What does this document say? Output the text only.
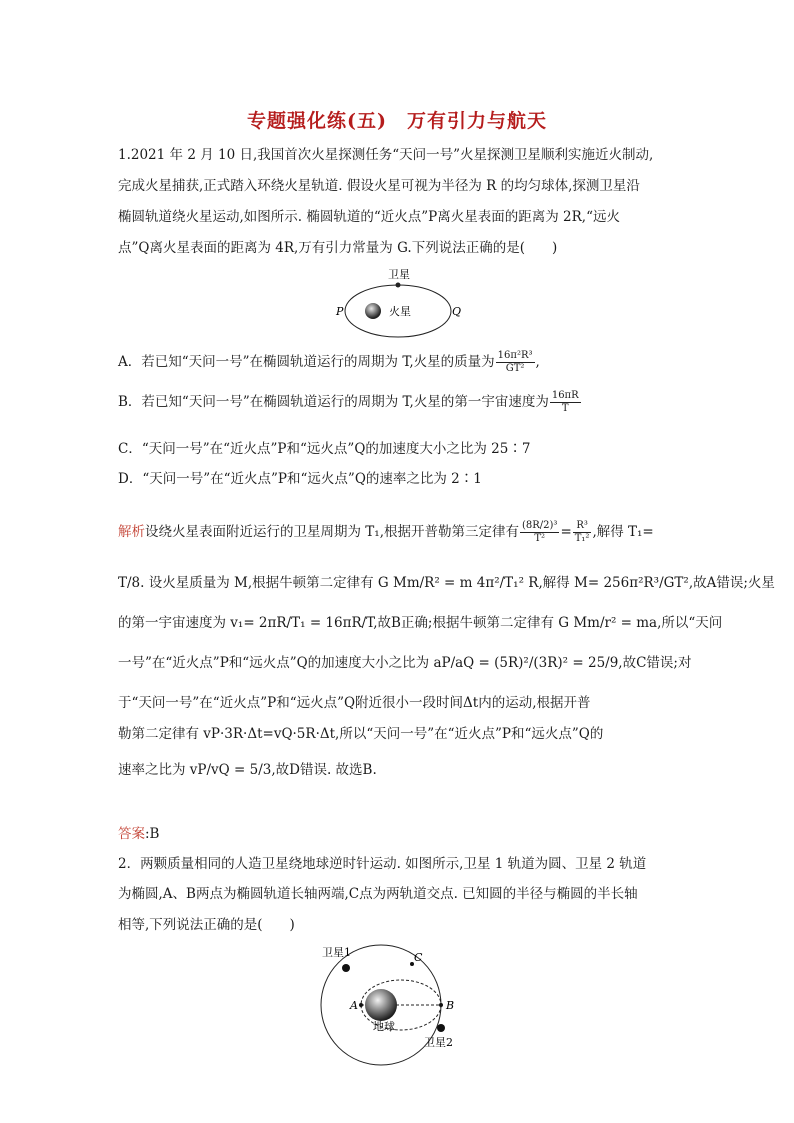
专题强化练(五)　万有引力与航天
1.2021 年 2 月 10 日,我国首次火星探测任务“天问一号”火星探测卫星顺利实施近火制动,
完成火星捕获,正式踏入环绕火星轨道. 假设火星可视为半径为 R 的均匀球体,探测卫星沿
椭圆轨道绕火星运动,如图所示. 椭圆轨道的“近火点”P离火星表面的距离为 2R,“远火
点”Q离火星表面的距离为 4R,万有引力常量为 G.下列说法正确的是(　　)
卫星
火星
P	Q
A．若已知“天问一号”在椭圆轨道运行的周期为 T,火星的质量为 $\frac{\text{16π²R³}}{\text{GT²}}$ ,
B．若已知“天问一号”在椭圆轨道运行的周期为 T,火星的第一宇宙速度为 $\frac{16\pi R}{T}$
C．“天问一号”在“近火点”P和“远火点”Q的加速度大小之比为 25∶7
D．“天问一号”在“近火点”P和“远火点”Q的速率之比为 2∶1
解析设绕火星表面附近运行的卫星周期为 T₁,根据开普勒第三定律有 $\frac{\text{(8R/2)³}}{\text{T²}} = \frac{\text{R³}}{\text{T₁²}}$ ,解得 T₁=
T/8. 设火星质量为 M,根据牛顿第二定律有 G Mm/R² = m 4π²/T₁² R,解得 M= 256π²R³/GT²,故A错误;火星
的第一宇宙速度为 v₁= 2πR/T₁ = 16πR/T,故B正确;根据牛顿第二定律有 G Mm/r² = ma,所以“天问
一号”在“近火点”P和“远火点”Q的加速度大小之比为 aP/aQ = (5R)²/(3R)² = 25/9,故C错误;对
于“天问一号”在“近火点”P和“远火点”Q附近很小一段时间Δt内的运动,根据开普
勒第二定律有 vP·3R·Δt=vQ·5R·Δt,所以“天问一号”在“近火点”P和“远火点”Q的
速率之比为 vP/vQ = 5/3,故D错误. 故选B.
答案:B
2．两颗质量相同的人造卫星绕地球逆时针运动. 如图所示,卫星 1 轨道为圆、卫星 2 轨道
为椭圆,A、B两点为椭圆轨道长轴两端,C点为两轨道交点. 已知圆的半径与椭圆的半长轴
相等,下列说法正确的是(　　)
卫星1
卫星2
地球
A	B
C
